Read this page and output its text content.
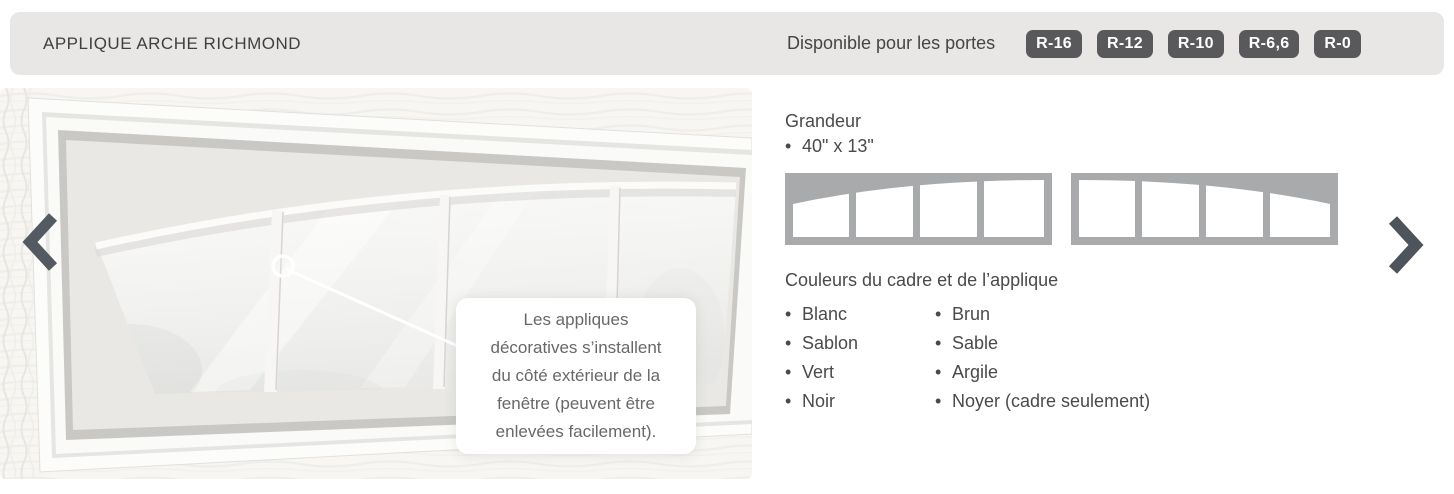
APPLIQUE ARCHE RICHMOND	Disponible pour les portes	R-16	R-12	R-10	R-6,6	R-0
Les appliques
décoratives s’installent
du côté extérieur de la
fenêtre (peuvent être
enlevées facilement).
Grandeur
• 40" x 13"
Couleurs du cadre et de l’applique
• Blanc
• Sablon
• Vert
• Noir
• Brun
• Sable
• Argile
• Noyer (cadre seulement)
